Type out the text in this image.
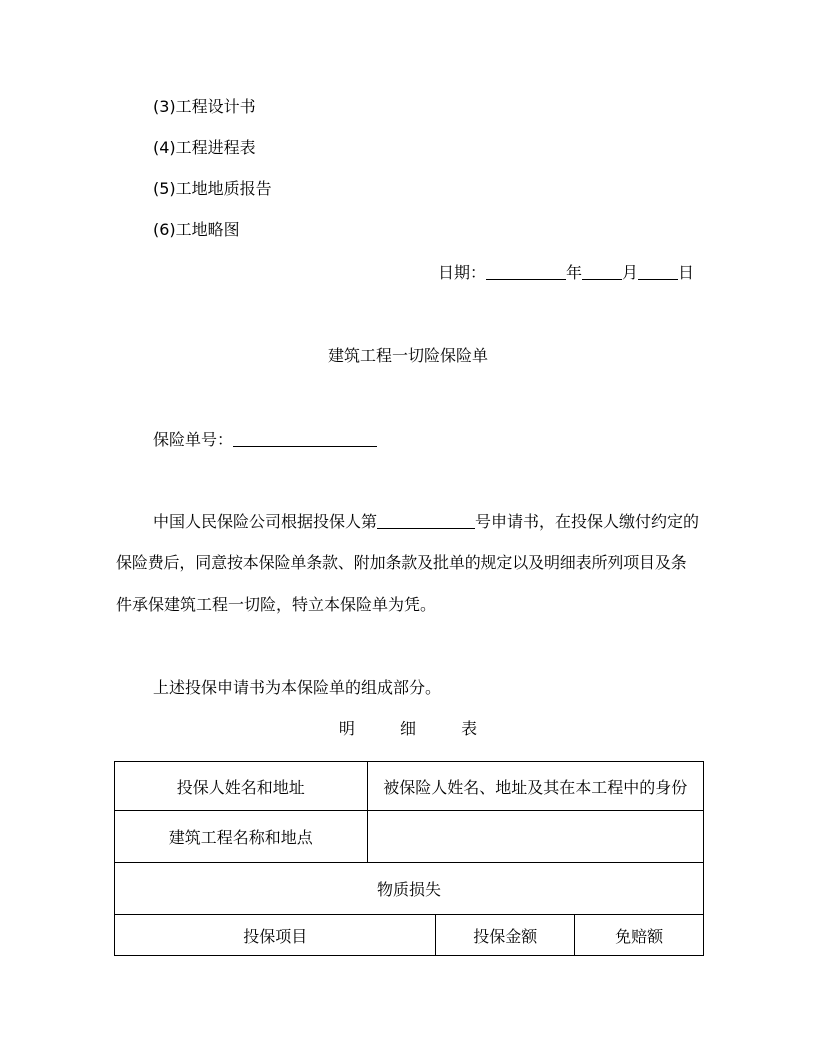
(3)工程设计书
(4)工程进程表
(5)工地地质报告
(6)工地略图
日期：	年	月	日
建筑工程一切险保险单
保险单号：
中国人民保险公司根据投保人第	号申请书，在投保人缴付约定的
保险费后，同意按本保险单条款、附加条款及批单的规定以及明细表所列项目及条
件承保建筑工程一切险，特立本保险单为凭。
上述投保申请书为本保险单的组成部分。
明	细	表
投保人姓名和地址	被保险人姓名、地址及其在本工程中的身份		
建筑工程名称和地点			
物质损失			
投保项目		投保金额	免赔额
